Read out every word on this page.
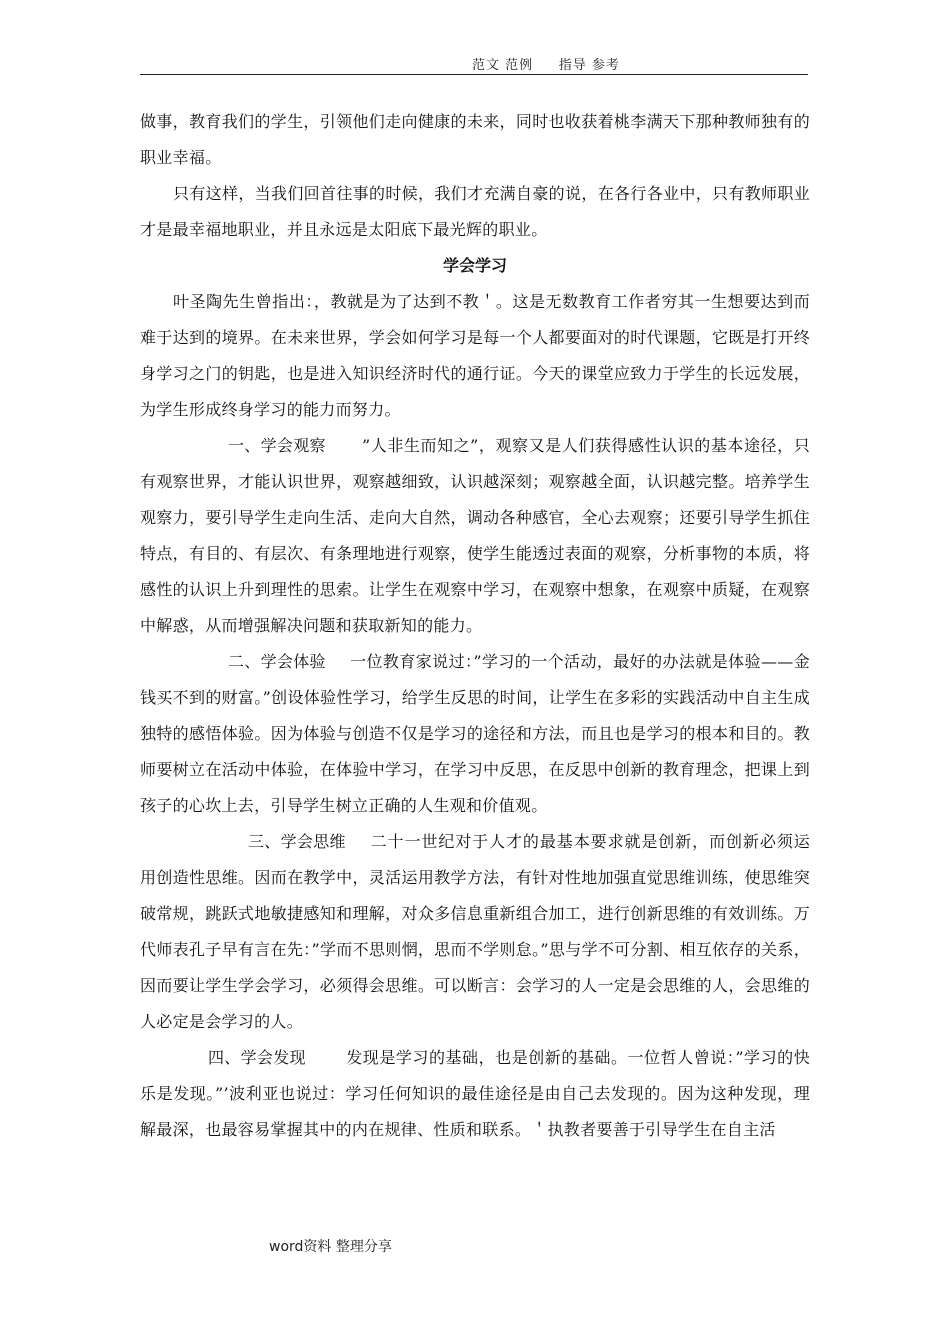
范文 范例     指导 参考

做事，教育我们的学生，引领他们走向健康的未来，同时也收获着桃李满天下那种教师独有的职业幸福。

只有这样，当我们回首往事的时候，我们才充满自豪的说，在各行各业中，只有教师职业才是最幸福地职业，并且永远是太阳底下最光辉的职业。

学会学习

叶圣陶先生曾指出：，教就是为了达到不教＇。这是无数教育工作者穷其一生想要达到而难于达到的境界。在未来世界，学会如何学习是每一个人都要面对的时代课题，它既是打开终身学习之门的钥匙，也是进入知识经济时代的通行证。今天的课堂应致力于学生的长远发展，为学生形成终身学习的能力而努力。

一、学会观察 ”人非生而知之”，观察又是人们获得感性认识的基本途径，只有观察世界，才能认识世界，观察越细致，认识越深刻；观察越全面，认识越完整。培养学生观察力，要引导学生走向生活、走向大自然，调动各种感官，全心去观察；还要引导学生抓住特点，有目的、有层次、有条理地进行观察，使学生能透过表面的观察，分析事物的本质，将感性的认识上升到理性的思索。让学生在观察中学习，在观察中想象，在观察中质疑，在观察中解惑，从而增强解决问题和获取新知的能力。

二、学会体验 一位教育家说过：”学习的一个活动，最好的办法就是体验——金钱买不到的财富。”创设体验性学习，给学生反思的时间，让学生在多彩的实践活动中自主生成独特的感悟体验。因为体验与创造不仅是学习的途径和方法，而且也是学习的根本和目的。教师要树立在活动中体验，在体验中学习，在学习中反思，在反思中创新的教育理念，把课上到孩子的心坎上去，引导学生树立正确的人生观和价值观。

三、学会思维 二十一世纪对于人才的最基本要求就是创新，而创新必须运用创造性思维。因而在教学中，灵活运用教学方法，有针对性地加强直觉思维训练，使思维突破常规，跳跃式地敏捷感知和理解，对众多信息重新组合加工，进行创新思维的有效训练。万代师表孔子早有言在先：”学而不思则惘，思而不学则怠。”思与学不可分割、相互依存的关系，因而要让学生学会学习，必须得会思维。可以断言：会学习的人一定是会思维的人，会思维的人必定是会学习的人。

四、学会发现	发现是学习的基础，也是创新的基础。一位哲人曾说：”学习的快乐是发现。”’波利亚也说过：学习任何知识的最佳途径是由自己去发现的。因为这种发现，理解最深，也最容易掌握其中的内在规律、性质和联系。＇执教者要善于引导学生在自主活

word资料 整理分享
